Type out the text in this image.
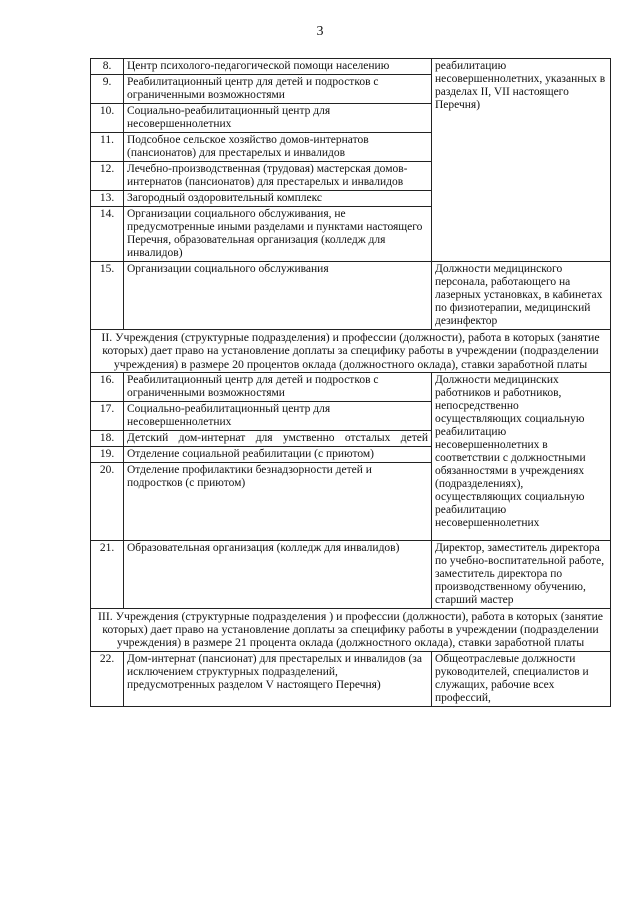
3
8.	Центр психолого-педагогической помощи населению	реабилитацию несовершеннолетних, указанных в разделах II, VII настоящего Перечня)
9.	Реабилитационный центр для детей и подростков с ограниченными возможностями	
10.	Социально-реабилитационный центр для несовершеннолетних	
11.	Подсобное сельское хозяйство домов-интернатов (пансионатов) для престарелых и инвалидов	
12.	Лечебно-производственная (трудовая) мастерская домов-интернатов (пансионатов) для престарелых и инвалидов	
13.	Загородный оздоровительный комплекс	
14.	Организации социального обслуживания, не предусмотренные иными разделами и пунктами настоящего Перечня, образовательная организация (колледж для инвалидов)	
15.	Организации социального обслуживания	Должности медицинского персонала, работающего на лазерных установках, в кабинетах по физиотерапии, медицинский дезинфектор
II. Учреждения (структурные подразделения) и профессии (должности), работа в которых (занятие которых) дает право на установление доплаты за специфику работы в учреждении (подразделении учреждения) в размере 20 процентов оклада (должностного оклада), ставки заработной платы		
16.	Реабилитационный центр для детей и подростков с ограниченными возможностями	Должности медицинских работников и работников, непосредственно осуществляющих социальную реабилитацию несовершеннолетних в соответствии с должностными обязанностями в учреждениях (подразделениях), осуществляющих социальную реабилитацию несовершеннолетних
17.	Социально-реабилитационный центр для несовершеннолетних	
18.	Детский дом-интернат для умственно отсталых детей	
19.	Отделение социальной реабилитации (с приютом)	
20.	Отделение профилактики безнадзорности детей и подростков (с приютом)	
21.	Образовательная организация (колледж для инвалидов)	Директор, заместитель директора по учебно-воспитательной работе, заместитель директора по производственному обучению, старший мастер
III. Учреждения (структурные подразделения ) и профессии (должности), работа в которых (занятие которых) дает право на установление доплаты за специфику работы в учреждении (подразделении учреждения) в размере 21 процента оклада (должностного оклада), ставки заработной платы		
22.	Дом-интернат (пансионат) для престарелых и инвалидов (за исключением структурных подразделений, предусмотренных разделом V настоящего Перечня)	Общеотраслевые должности руководителей, специалистов и служащих, рабочие всех профессий,
